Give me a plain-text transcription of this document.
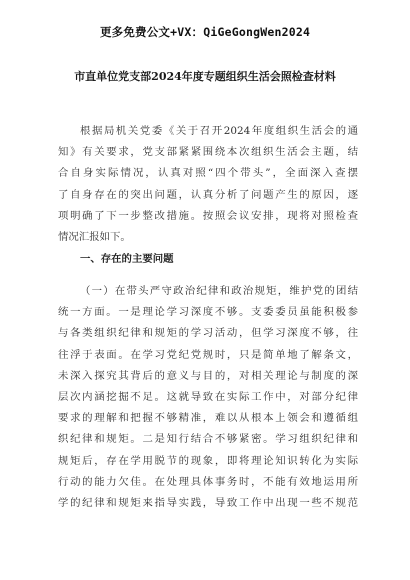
更多免费公文+VX：QiGeGongWen2024
市直单位党支部2024年度专题组织生活会照检查材料
根据局机关党委《关于召开2024年度组织生活会的通
知》有关要求，党支部紧紧围绕本次组织生活会主题，结
合自身实际情况，认真对照“四个带头”，全面深入查摆
了自身存在的突出问题，认真分析了问题产生的原因，逐
项明确了下一步整改措施。按照会议安排，现将对照检查
情况汇报如下。
一、存在的主要问题
（一）在带头严守政治纪律和政治规矩，维护党的团结
统一方面。一是理论学习深度不够。支委委员虽能积极参
与各类组织纪律和规矩的学习活动，但学习深度不够，往
往浮于表面。在学习党纪党规时，只是简单地了解条文，
未深入探究其背后的意义与目的，对相关理论与制度的深
层次内涵挖掘不足。这就导致在实际工作中，对部分纪律
要求的理解和把握不够精准，难以从根本上领会和遵循组
织纪律和规矩。二是知行结合不够紧密。学习组织纪律和
规矩后，存在学用脱节的现象，即将理论知识转化为实际
行动的能力欠佳。在处理具体事务时，不能有效地运用所
学的纪律和规矩来指导实践，导致工作中出现一些不规范
